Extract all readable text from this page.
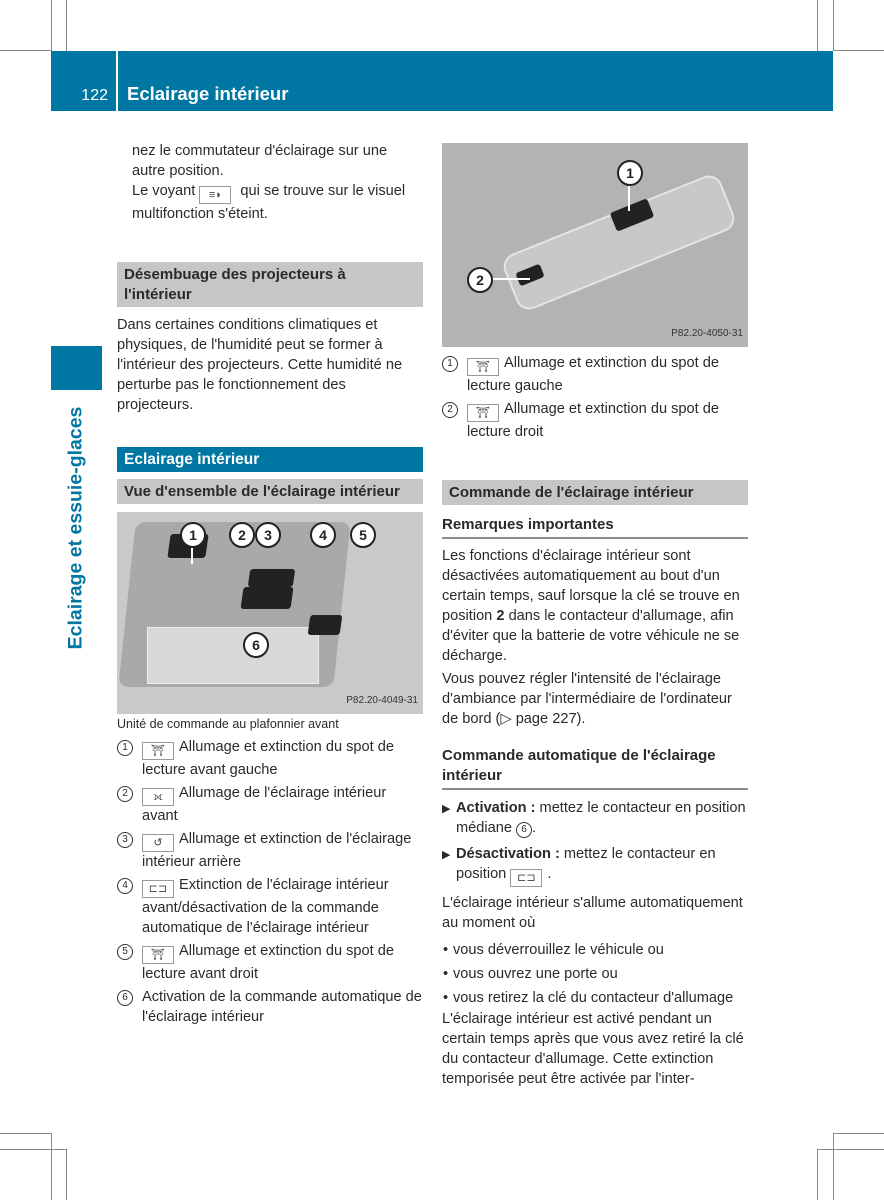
122	Eclairage intérieur
Eclairage et essuie-glaces

nez le commutateur d'éclairage sur une autre position.

Le voyant ≡◗ qui se trouve sur le visuel multifonction s'éteint.

Désembuage des projecteurs à l'intérieur

Dans certaines conditions climatiques et physiques, de l'humidité peut se former à l'intérieur des projecteurs. Cette humidité ne perturbe pas le fonctionnement des projecteurs.

Eclairage intérieur
Vue d'ensemble de l'éclairage intérieur
1	2	3	4	5
6
P82.20-4049-31

Unité de commande au plafonnier avant

1	⛩ Allumage et extinction du spot de lecture avant gauche
2	⟗ Allumage de l'éclairage intérieur avant
3	↺ Allumage et extinction de l'éclairage intérieur arrière
4	⊏⊐ Extinction de l'éclairage intérieur avant/désactivation de la commande automatique de l'éclairage intérieur
5	⛩ Allumage et extinction du spot de lecture avant droit
6 Activation de la commande automatique de l'éclairage intérieur
1
2
P82.20-4050-31
1	⛩ Allumage et extinction du spot de lecture gauche
2	⛩ Allumage et extinction du spot de lecture droit
Commande de l'éclairage intérieur
Remarques importantes

Les fonctions d'éclairage intérieur sont désactivées automatiquement au bout d'un certain temps, sauf lorsque la clé se trouve en position 2 dans le contacteur d'allumage, afin d'éviter que la batterie de votre véhicule ne se décharge.

Vous pouvez régler l'intensité de l'éclairage d'ambiance par l'intermédiaire de l'ordinateur de bord (▷ page 227).

Commande automatique de l'éclairage intérieur
▶ Activation : mettez le contacteur en position médiane 6 .
▶ Désactivation : mettez le contacteur en position ⊏⊐ .

L'éclairage intérieur s'allume automatiquement au moment où

• vous déverrouillez le véhicule ou
• vous ouvrez une porte ou
• vous retirez la clé du contacteur d'allumage

L'éclairage intérieur est activé pendant un certain temps après que vous avez retiré la clé du contacteur d'allumage. Cette extinction temporisée peut être activée par l'inter-
